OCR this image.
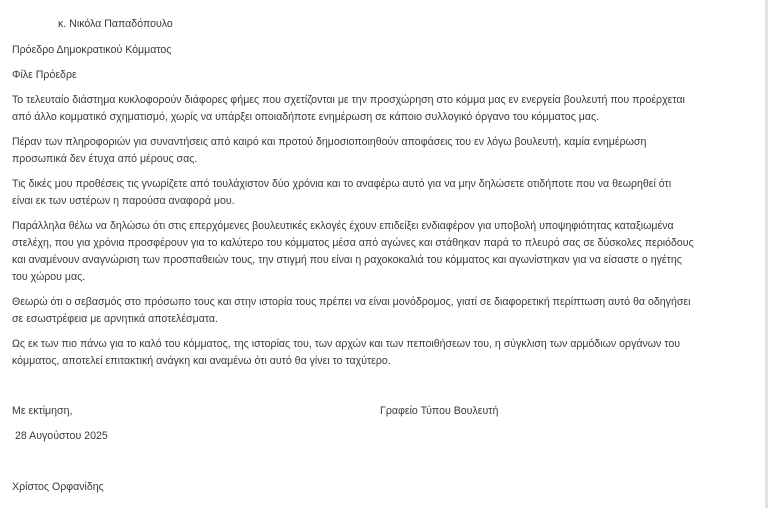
κ. Νικόλα Παπαδόπουλο
Πρόεδρο Δημοκρατικού Κόμματος
Φίλε Πρόεδρε

Το τελευταίο διάστημα κυκλοφορούν διάφορες φήμες που σχετίζονται με την προσχώρηση στο κόμμα μας εν ενεργεία βουλευτή που προέρχεται

από άλλο κομματικό σχηματισμό, χωρίς να υπάρξει οποιαδήποτε ενημέρωση σε κάποιο συλλογικό όργανο του κόμματος μας.

Πέραν των πληροφοριών για συναντήσεις από καιρό και προτού δημοσιοποιηθούν αποφάσεις του εν λόγω βουλευτή, καμία ενημέρωση

προσωπικά δεν έτυχα από μέρους σας.

Τις δικές μου προθέσεις τις γνωρίζετε από τουλάχιστον δύο χρόνια και το αναφέρω αυτό για να μην δηλώσετε οτιδήποτε που να θεωρηθεί ότι

είναι εκ των υστέρων η παρούσα αναφορά μου.

Παράλληλα θέλω να δηλώσω ότι στις επερχόμενες βουλευτικές εκλογές έχουν επιδείξει ενδιαφέρον για υποβολή υποψηφιότητας καταξιωμένα

στελέχη, που για χρόνια προσφέρουν για το καλύτερο του κόμματος μέσα από αγώνες και στάθηκαν παρά το πλευρό σας σε δύσκολες περιόδους

και αναμένουν αναγνώριση των προσπαθειών τους, την στιγμή που είναι η ραχοκοκαλιά του κόμματος και αγωνίστηκαν για να είσαστε ο ηγέτης

του χώρου μας.

Θεωρώ ότι ο σεβασμός στο πρόσωπο τους και στην ιστορία τους πρέπει να είναι μονόδρομος, γιατί σε διαφορετική περίπτωση αυτό θα οδηγήσει

σε εσωστρέφεια με αρνητικά αποτελέσματα.

Ως εκ των πιο πάνω για το καλό του κόμματος, της ιστορίας του, των αρχών και των πεποιθήσεων του, η σύγκλιση των αρμόδιων οργάνων του

κόμματος, αποτελεί επιτακτική ανάγκη και αναμένω ότι αυτό θα γίνει το ταχύτερο.

Με εκτίμηση,	Γραφείο Τύπου Βουλευτή
28 Αυγούστου 2025
Χρίστος Ορφανίδης
